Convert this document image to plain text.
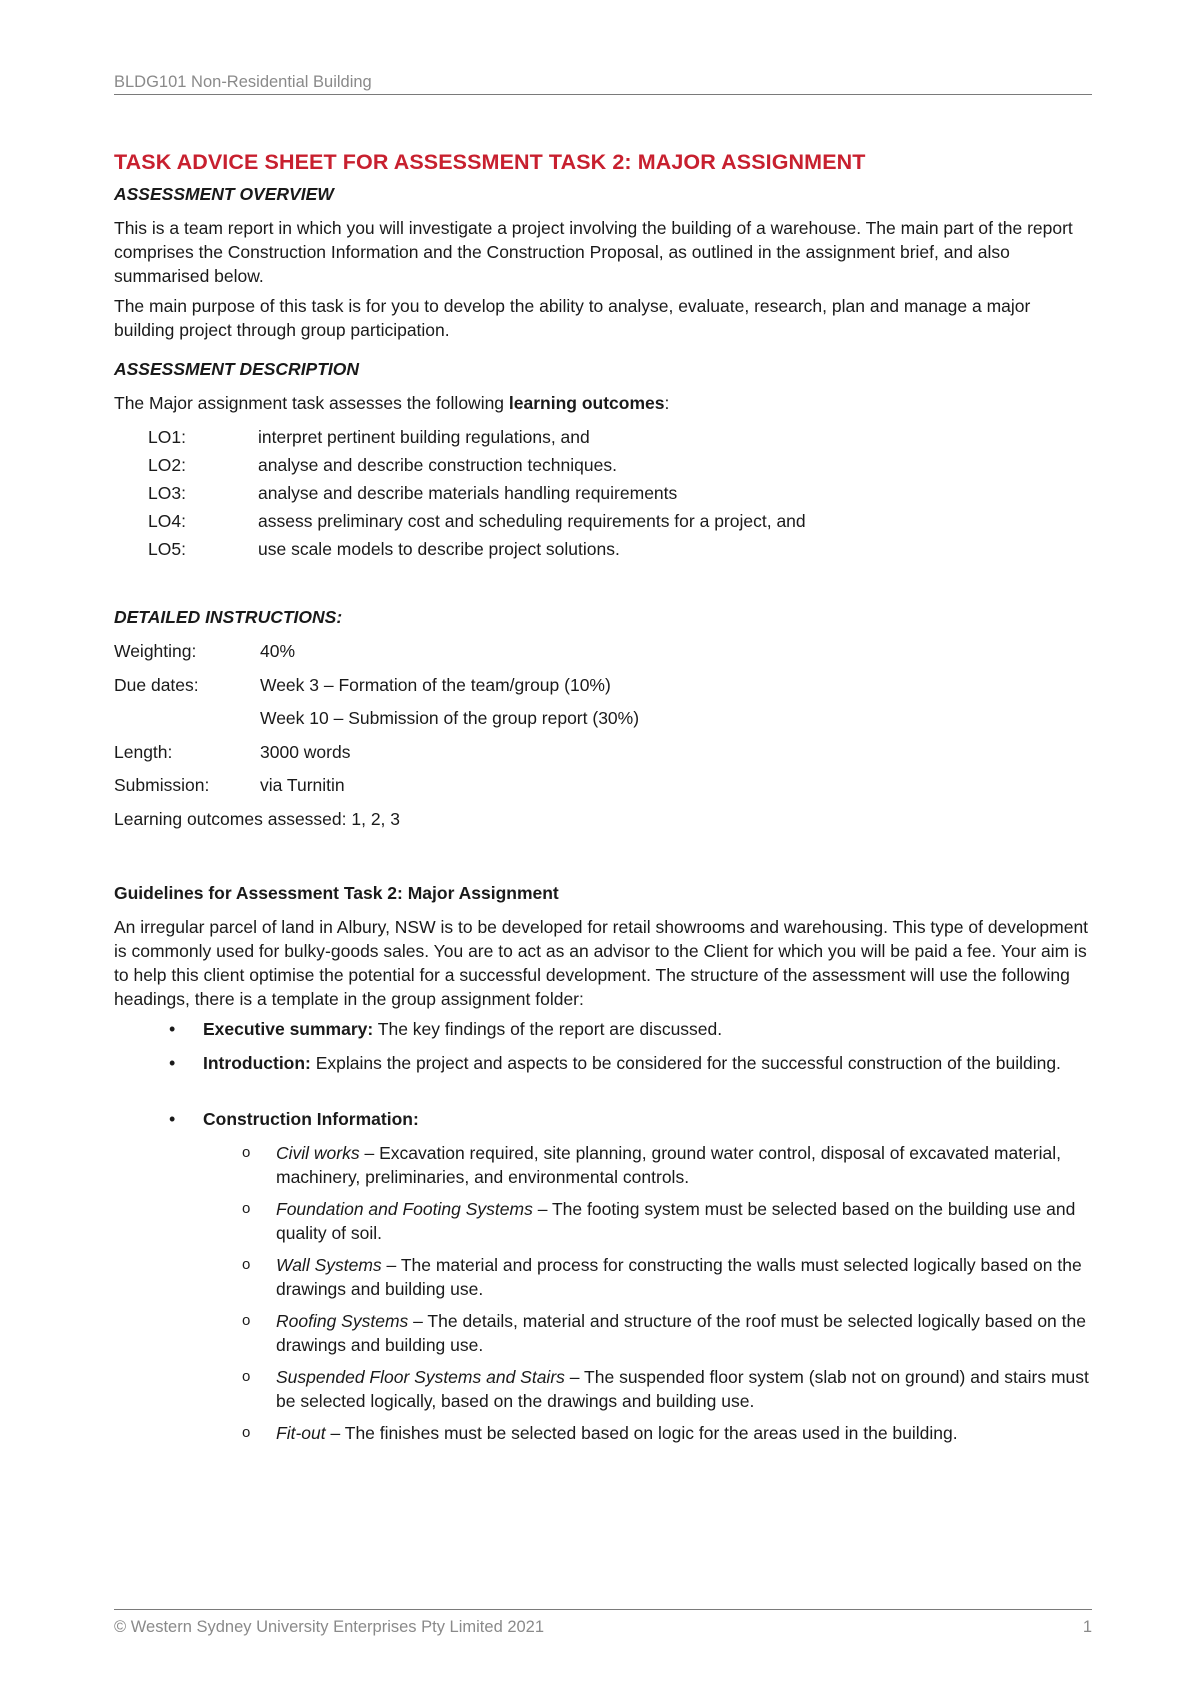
BLDG101 Non-Residential Building
TASK ADVICE SHEET FOR ASSESSMENT TASK 2: MAJOR ASSIGNMENT
ASSESSMENT OVERVIEW

This is a team report in which you will investigate a project involving the building of a warehouse. The main part of the report comprises the Construction Information and the Construction Proposal, as outlined in the assignment brief, and also summarised below.

The main purpose of this task is for you to develop the ability to analyse, evaluate, research, plan and manage a major building project through group participation.

ASSESSMENT DESCRIPTION

The Major assignment task assesses the following learning outcomes:

LO1:	interpret pertinent building regulations, and
LO2:	analyse and describe construction techniques.
LO3:	analyse and describe materials handling requirements
LO4:	assess preliminary cost and scheduling requirements for a project, and
LO5:	use scale models to describe project solutions.
DETAILED INSTRUCTIONS:
Weighting:	40%
Due dates:	Week 3 – Formation of the team/group (10%)
Week 10 – Submission of the group report (30%)
Length:	3000 words
Submission:	via Turnitin

Learning outcomes assessed: 1, 2, 3

Guidelines for Assessment Task 2: Major Assignment

An irregular parcel of land in Albury, NSW is to be developed for retail showrooms and warehousing. This type of development is commonly used for bulky-goods sales. You are to act as an advisor to the Client for which you will be paid a fee. Your aim is to help this client optimise the potential for a successful development. The structure of the assessment will use the following headings, there is a template in the group assignment folder:

• Executive summary: The key findings of the report are discussed.
• Introduction: Explains the project and aspects to be considered for the successful construction of the building.
• Construction Information:
o Civil works – Excavation required, site planning, ground water control, disposal of excavated material, machinery, preliminaries, and environmental controls.
o Foundation and Footing Systems – The footing system must be selected based on the building use and quality of soil.
o Wall Systems – The material and process for constructing the walls must selected logically based on the drawings and building use.
o Roofing Systems – The details, material and structure of the roof must be selected logically based on the drawings and building use.
o Suspended Floor Systems and Stairs – The suspended floor system (slab not on ground) and stairs must be selected logically, based on the drawings and building use.
o Fit-out – The finishes must be selected based on logic for the areas used in the building.
© Western Sydney University Enterprises Pty Limited 2021	1
